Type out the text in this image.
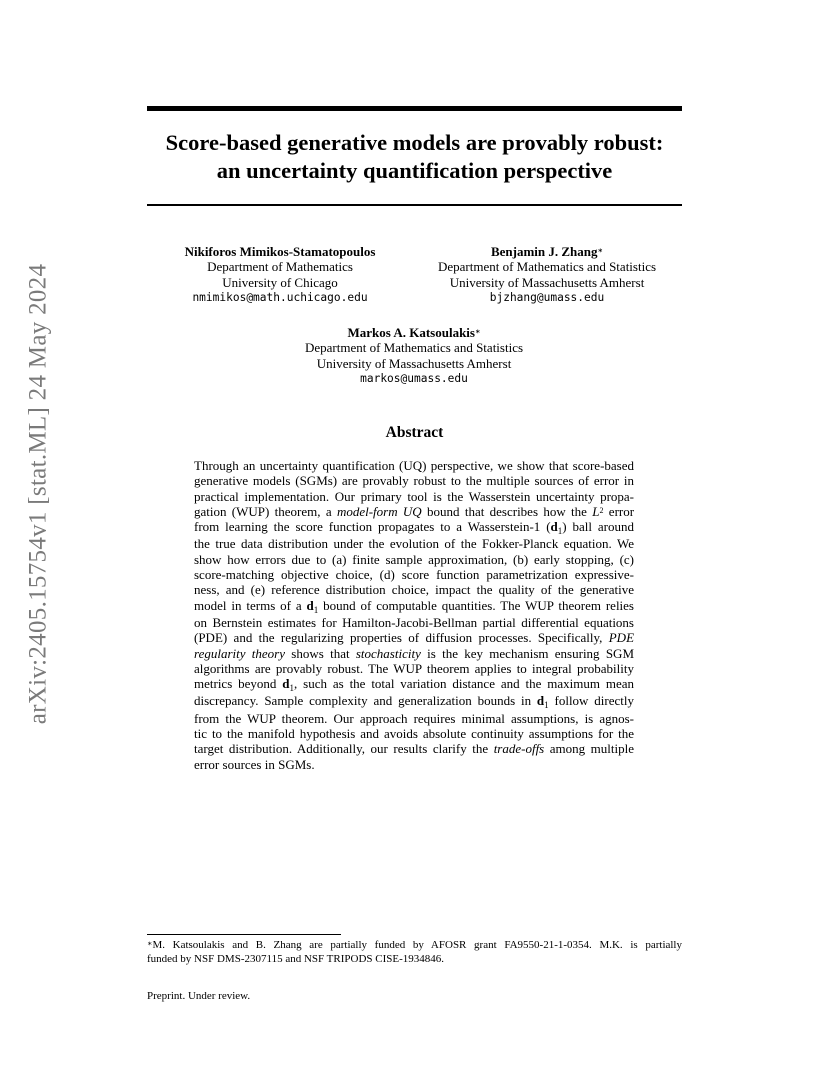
arXiv:2405.15754v1 [stat.ML] 24 May 2024
Score-based generative models are provably robust:
an uncertainty quantification perspective
Nikiforos Mimikos-Stamatopoulos
Department of Mathematics
University of Chicago
nmimikos@math.uchicago.edu
Benjamin J. Zhang∗
Department of Mathematics and Statistics
University of Massachusetts Amherst
bjzhang@umass.edu
Markos A. Katsoulakis∗
Department of Mathematics and Statistics
University of Massachusetts Amherst
markos@umass.edu
Abstract
Through an uncertainty quantification (UQ) perspective, we show that score-based
generative models (SGMs) are provably robust to the multiple sources of error in
practical implementation. Our primary tool is the Wasserstein uncertainty propa-
gation (WUP) theorem, a model-form UQ bound that describes how the $L^2$ error
from learning the score function propagates to a Wasserstein-1 $(d_1)$ ball around
the true data distribution under the evolution of the Fokker-Planck equation. We
show how errors due to (a) finite sample approximation, (b) early stopping, (c)
score-matching objective choice, (d) score function parametrization expressive-
ness, and (e) reference distribution choice, impact the quality of the generative
model in terms of a $d_1$ bound of computable quantities. The WUP theorem relies
on Bernstein estimates for Hamilton-Jacobi-Bellman partial differential equations
(PDE) and the regularizing properties of diffusion processes. Specifically, PDE
regularity theory shows that stochasticity is the key mechanism ensuring SGM
algorithms are provably robust. The WUP theorem applies to integral probability
metrics beyond $d_1$, such as the total variation distance and the maximum mean
discrepancy. Sample complexity and generalization bounds in $d_1$ follow directly
from the WUP theorem. Our approach requires minimal assumptions, is agnos-
tic to the manifold hypothesis and avoids absolute continuity assumptions for the
target distribution. Additionally, our results clarify the trade-offs among multiple
error sources in SGMs.
∗M. Katsoulakis and B. Zhang are partially funded by AFOSR grant FA9550-21-1-0354. M.K. is partially
funded by NSF DMS-2307115 and NSF TRIPODS CISE-1934846.

Preprint. Under review.
